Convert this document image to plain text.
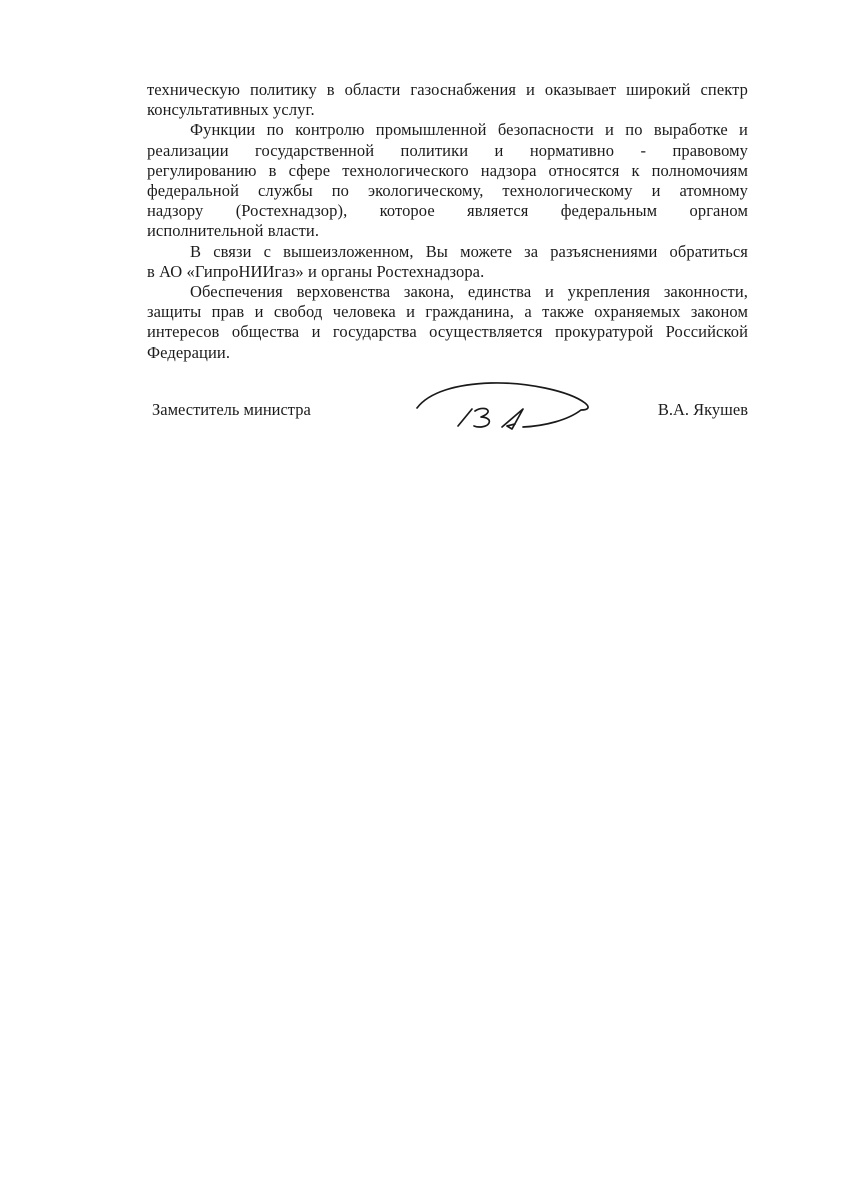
техническую политику в области газоснабжения и оказывает широкий спектр
консультативных услуг.
Функции по контролю промышленной безопасности и по выработке и
реализации государственной политики и нормативно - правовому
регулированию в сфере технологического надзора относятся к полномочиям
федеральной службы по экологическому, технологическому и атомному
надзору (Ростехнадзор), которое является федеральным органом
исполнительной власти.
В связи с вышеизложенном, Вы можете за разъяснениями обратиться
в АО «ГипроНИИгаз» и органы Ростехнадзора.
Обеспечения верховенства закона, единства и укрепления законности,
защиты прав и свобод человека и гражданина, а также охраняемых законом
интересов общества и государства осуществляется прокуратурой Российской
Федерации.
Заместитель министра	В.А. Якушев
